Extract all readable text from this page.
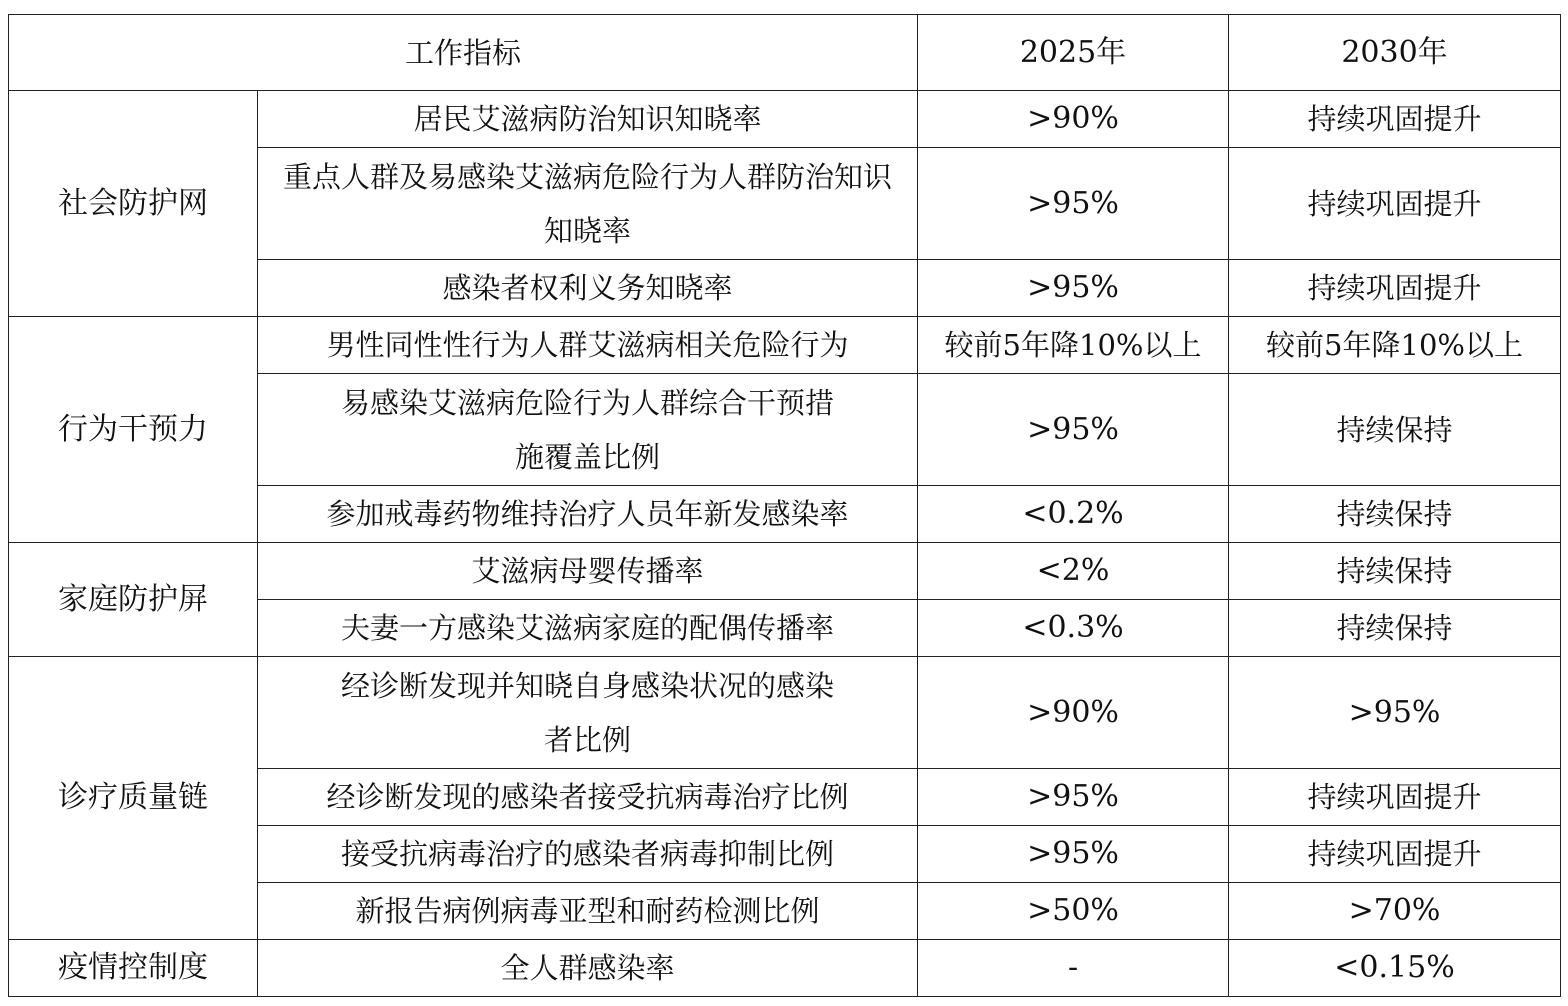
工作指标		2025年	2030年
社会防护网	居民艾滋病防治知识知晓率	>90%	持续巩固提升
	重点人群及易感染艾滋病危险行为人群防治知识知晓率	>95%	持续巩固提升
	感染者权利义务知晓率	>95%	持续巩固提升
行为干预力	男性同性性行为人群艾滋病相关危险行为	较前5年降10%以上	较前5年降10%以上
	易感染艾滋病危险行为人群综合干预措施覆盖比例	>95%	持续保持
	参加戒毒药物维持治疗人员年新发感染率	<0.2%	持续保持
家庭防护屏	艾滋病母婴传播率	<2%	持续保持
	夫妻一方感染艾滋病家庭的配偶传播率	<0.3%	持续保持
诊疗质量链	经诊断发现并知晓自身感染状况的感染者比例	>90%	>95%
	经诊断发现的感染者接受抗病毒治疗比例	>95%	持续巩固提升
	接受抗病毒治疗的感染者病毒抑制比例	>95%	持续巩固提升
	新报告病例病毒亚型和耐药检测比例	>50%	>70%
疫情控制度	全人群感染率	-	<0.15%
